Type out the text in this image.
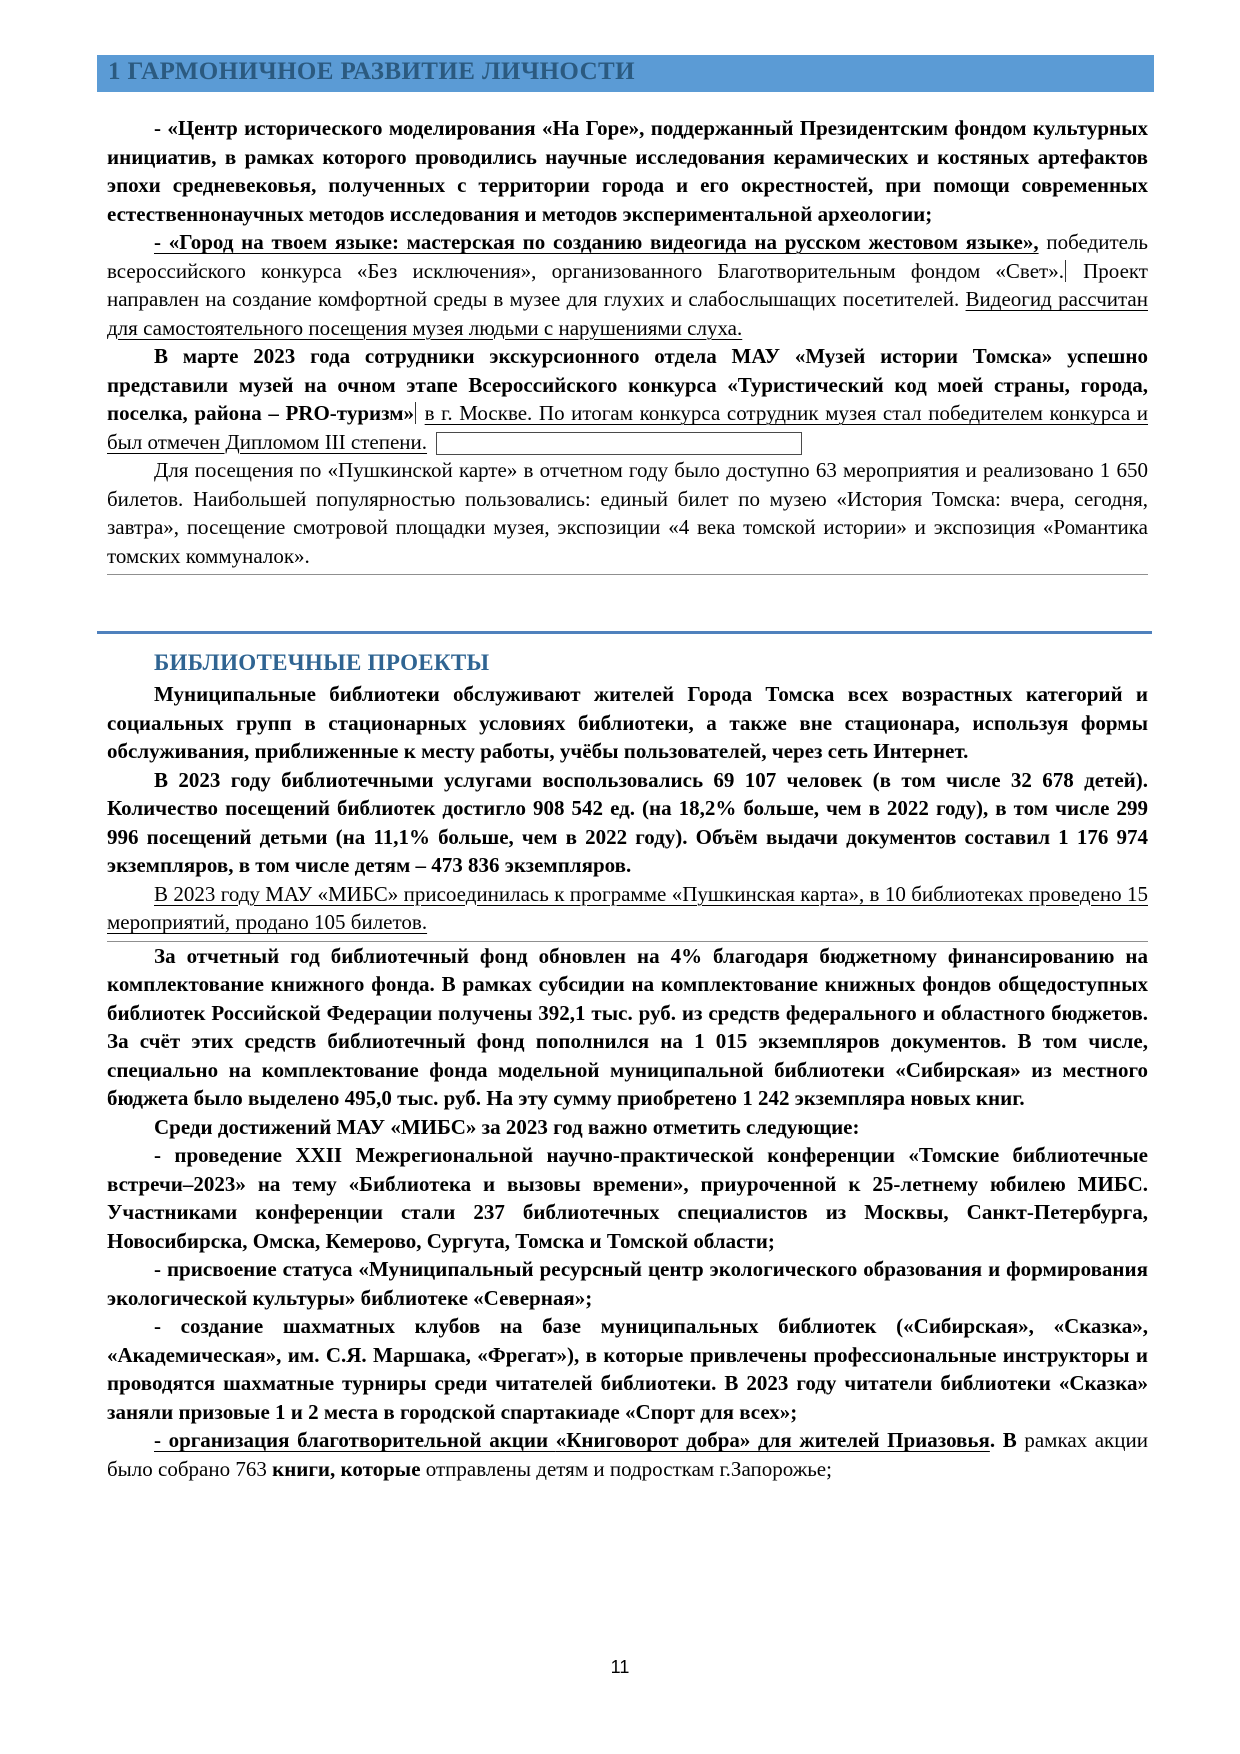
1 ГАРМОНИЧНОЕ РАЗВИТИЕ ЛИЧНОСТИ

- «Центр исторического моделирования «На Горе», поддержанный Президентским фондом культурных инициатив, в рамках которого проводились научные исследования керамических и костяных артефактов эпохи средневековья, полученных с территории города и его окрестностей, при помощи современных естественнонаучных методов исследования и методов экспериментальной археологии;

- «Город на твоем языке: мастерская по созданию видеогида на русском жестовом языке», победитель всероссийского конкурса «Без исключения», организованного Благотворительным фондом «Свет». Проект направлен на создание комфортной среды в музее для глухих и слабослышащих посетителей. Видеогид рассчитан для самостоятельного посещения музея людьми с нарушениями слуха.

В марте 2023 года сотрудники экскурсионного отдела МАУ «Музей истории Томска» успешно представили музей на очном этапе Всероссийского конкурса «Туристический код моей страны, города, поселка, района – PRO-туризм» в г. Москве. По итогам конкурса сотрудник музея стал победителем конкурса и был отмечен Дипломом III степени.

Для посещения по «Пушкинской карте» в отчетном году было доступно 63 мероприятия и реализовано 1 650 билетов. Наибольшей популярностью пользовались: единый билет по музею «История Томска: вчера, сегодня, завтра», посещение смотровой площадки музея, экспозиции «4 века томской истории» и экспозиция «Романтика томских коммуналок».

БИБЛИОТЕЧНЫЕ ПРОЕКТЫ

Муниципальные библиотеки обслуживают жителей Города Томска всех возрастных категорий и социальных групп в стационарных условиях библиотеки, а также вне стационара, используя формы обслуживания, приближенные к месту работы, учёбы пользователей, через сеть Интернет.

В 2023 году библиотечными услугами воспользовались 69 107 человек (в том числе 32 678 детей). Количество посещений библиотек достигло 908 542 ед. (на 18,2% больше, чем в 2022 году), в том числе 299 996 посещений детьми (на 11,1% больше, чем в 2022 году). Объём выдачи документов составил 1 176 974 экземпляров, в том числе детям – 473 836 экземпляров.

В 2023 году МАУ «МИБС» присоединилась к программе «Пушкинская карта», в 10 библиотеках проведено 15 мероприятий, продано 105 билетов.

За отчетный год библиотечный фонд обновлен на 4% благодаря бюджетному финансированию на комплектование книжного фонда. В рамках субсидии на комплектование книжных фондов общедоступных библиотек Российской Федерации получены 392,1 тыс. руб. из средств федерального и областного бюджетов. За счёт этих средств библиотечный фонд пополнился на 1 015 экземпляров документов. В том числе, специально на комплектование фонда модельной муниципальной библиотеки «Сибирская» из местного бюджета было выделено 495,0 тыс. руб. На эту сумму приобретено 1 242 экземпляра новых книг.

Среди достижений МАУ «МИБС» за 2023 год важно отметить следующие:

- проведение XXII Межрегиональной научно-практической конференции «Томские библиотечные встречи–2023» на тему «Библиотека и вызовы времени», приуроченной к 25-летнему юбилею МИБС. Участниками конференции стали 237 библиотечных специалистов из Москвы, Санкт-Петербурга, Новосибирска, Омска, Кемерово, Сургута, Томска и Томской области;

- присвоение статуса «Муниципальный ресурсный центр экологического образования и формирования экологической культуры» библиотеке «Северная»;

- создание шахматных клубов на базе муниципальных библиотек («Сибирская», «Сказка», «Академическая», им. С.Я. Маршака, «Фрегат»), в которые привлечены профессиональные инструкторы и проводятся шахматные турниры среди читателей библиотеки. В 2023 году читатели библиотеки «Сказка» заняли призовые 1 и 2 места в городской спартакиаде «Спорт для всех»;

- организация благотворительной акции «Книговорот добра» для жителей Приазовья. В рамках акции было собрано 763 книги, которые отправлены детям и подросткам г.Запорожье;

11
